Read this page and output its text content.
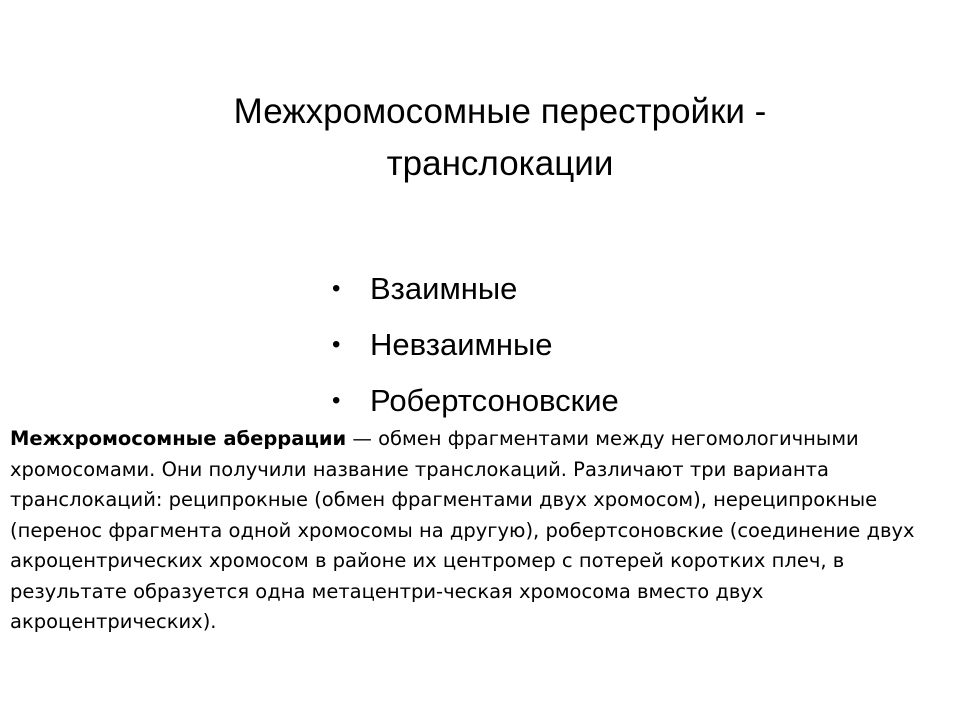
Межхромосомные перестройки -
транслокации
• Взаимные
• Невзаимные
• Робертсоновские

Межхромосомные аберрации — обмен фрагментами между негомологичными хромосомами. Они получили название транслокаций. Различают три варианта транслокаций: реципрокные (обмен фрагментами двух хромосом), нереципрокные (перенос фрагмента одной хромосомы на другую), робертсоновские (соединение двух акроцентрических хромосом в районе их центромер с потерей коротких плеч, в результате образуется одна метацентри-ческая хромосома вместо двух акроцентрических).
